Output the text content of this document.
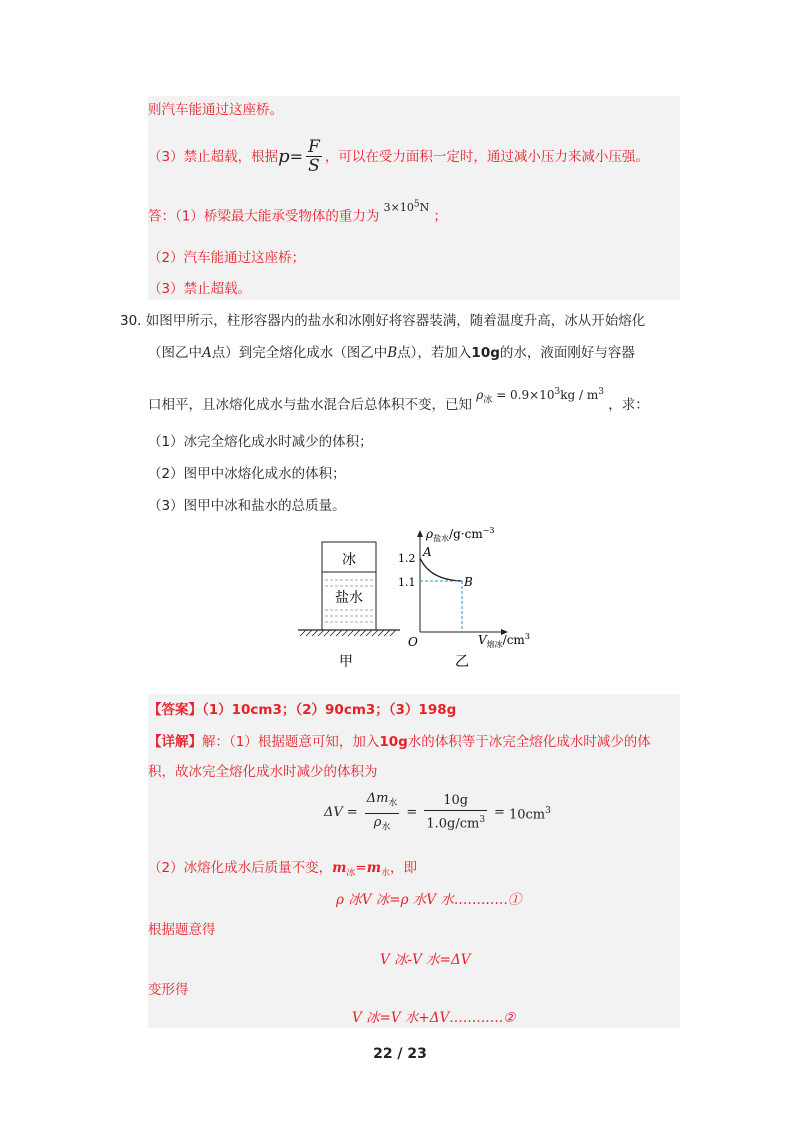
则汽车能通过这座桥。
（3）禁止超载，根据 $p = \frac{F}{S}$ ，可以在受力面积一定时，通过减小压力来减小压强。
答：（1）桥梁最大能承受物体的重力为 $^{3\times 10^5N}$ ；
（2）汽车能通过这座桥；
（3）禁止超载。
30. 如图甲所示，柱形容器内的盐水和冰刚好将容器装满，随着温度升高，冰从开始熔化
（图乙中A点）到完全熔化成水（图乙中B点），若加入10g的水，液面刚好与容器
口相平，且冰熔化成水与盐水混合后总体积不变，已知 $\rho_冰 = 0.9\times 10^3kg / m^3$ ，求：
（1）冰完全熔化成水时减少的体积；
（2）图甲中冰熔化成水的体积；
（3）图甲中冰和盐水的总质量。
冰
盐水
甲
1.2
1.1
A
B
O
$\rho_{盐水}/g\cdot cm^{-3}$
$V_{熔冰}/cm^3$
乙
【答案】（1）10cm3；（2）90cm3；（3）198g
【详解】解：（1）根据题意可知，加入10g水的体积等于冰完全熔化成水时减少的体
积，故冰完全熔化成水时减少的体积为
$\Delta V = \frac{\Delta m_水}{\rho_水} = \frac{10g}{1.0g/cm^3} = 10cm^3$
（2）冰熔化成水后质量不变，$m_冰=m_水$，即
ρ 冰V 冰=ρ 水V 水…………①
根据题意得
V 冰-V 水=ΔV
变形得
V 冰=V 水+ΔV…………②
22 / 23
